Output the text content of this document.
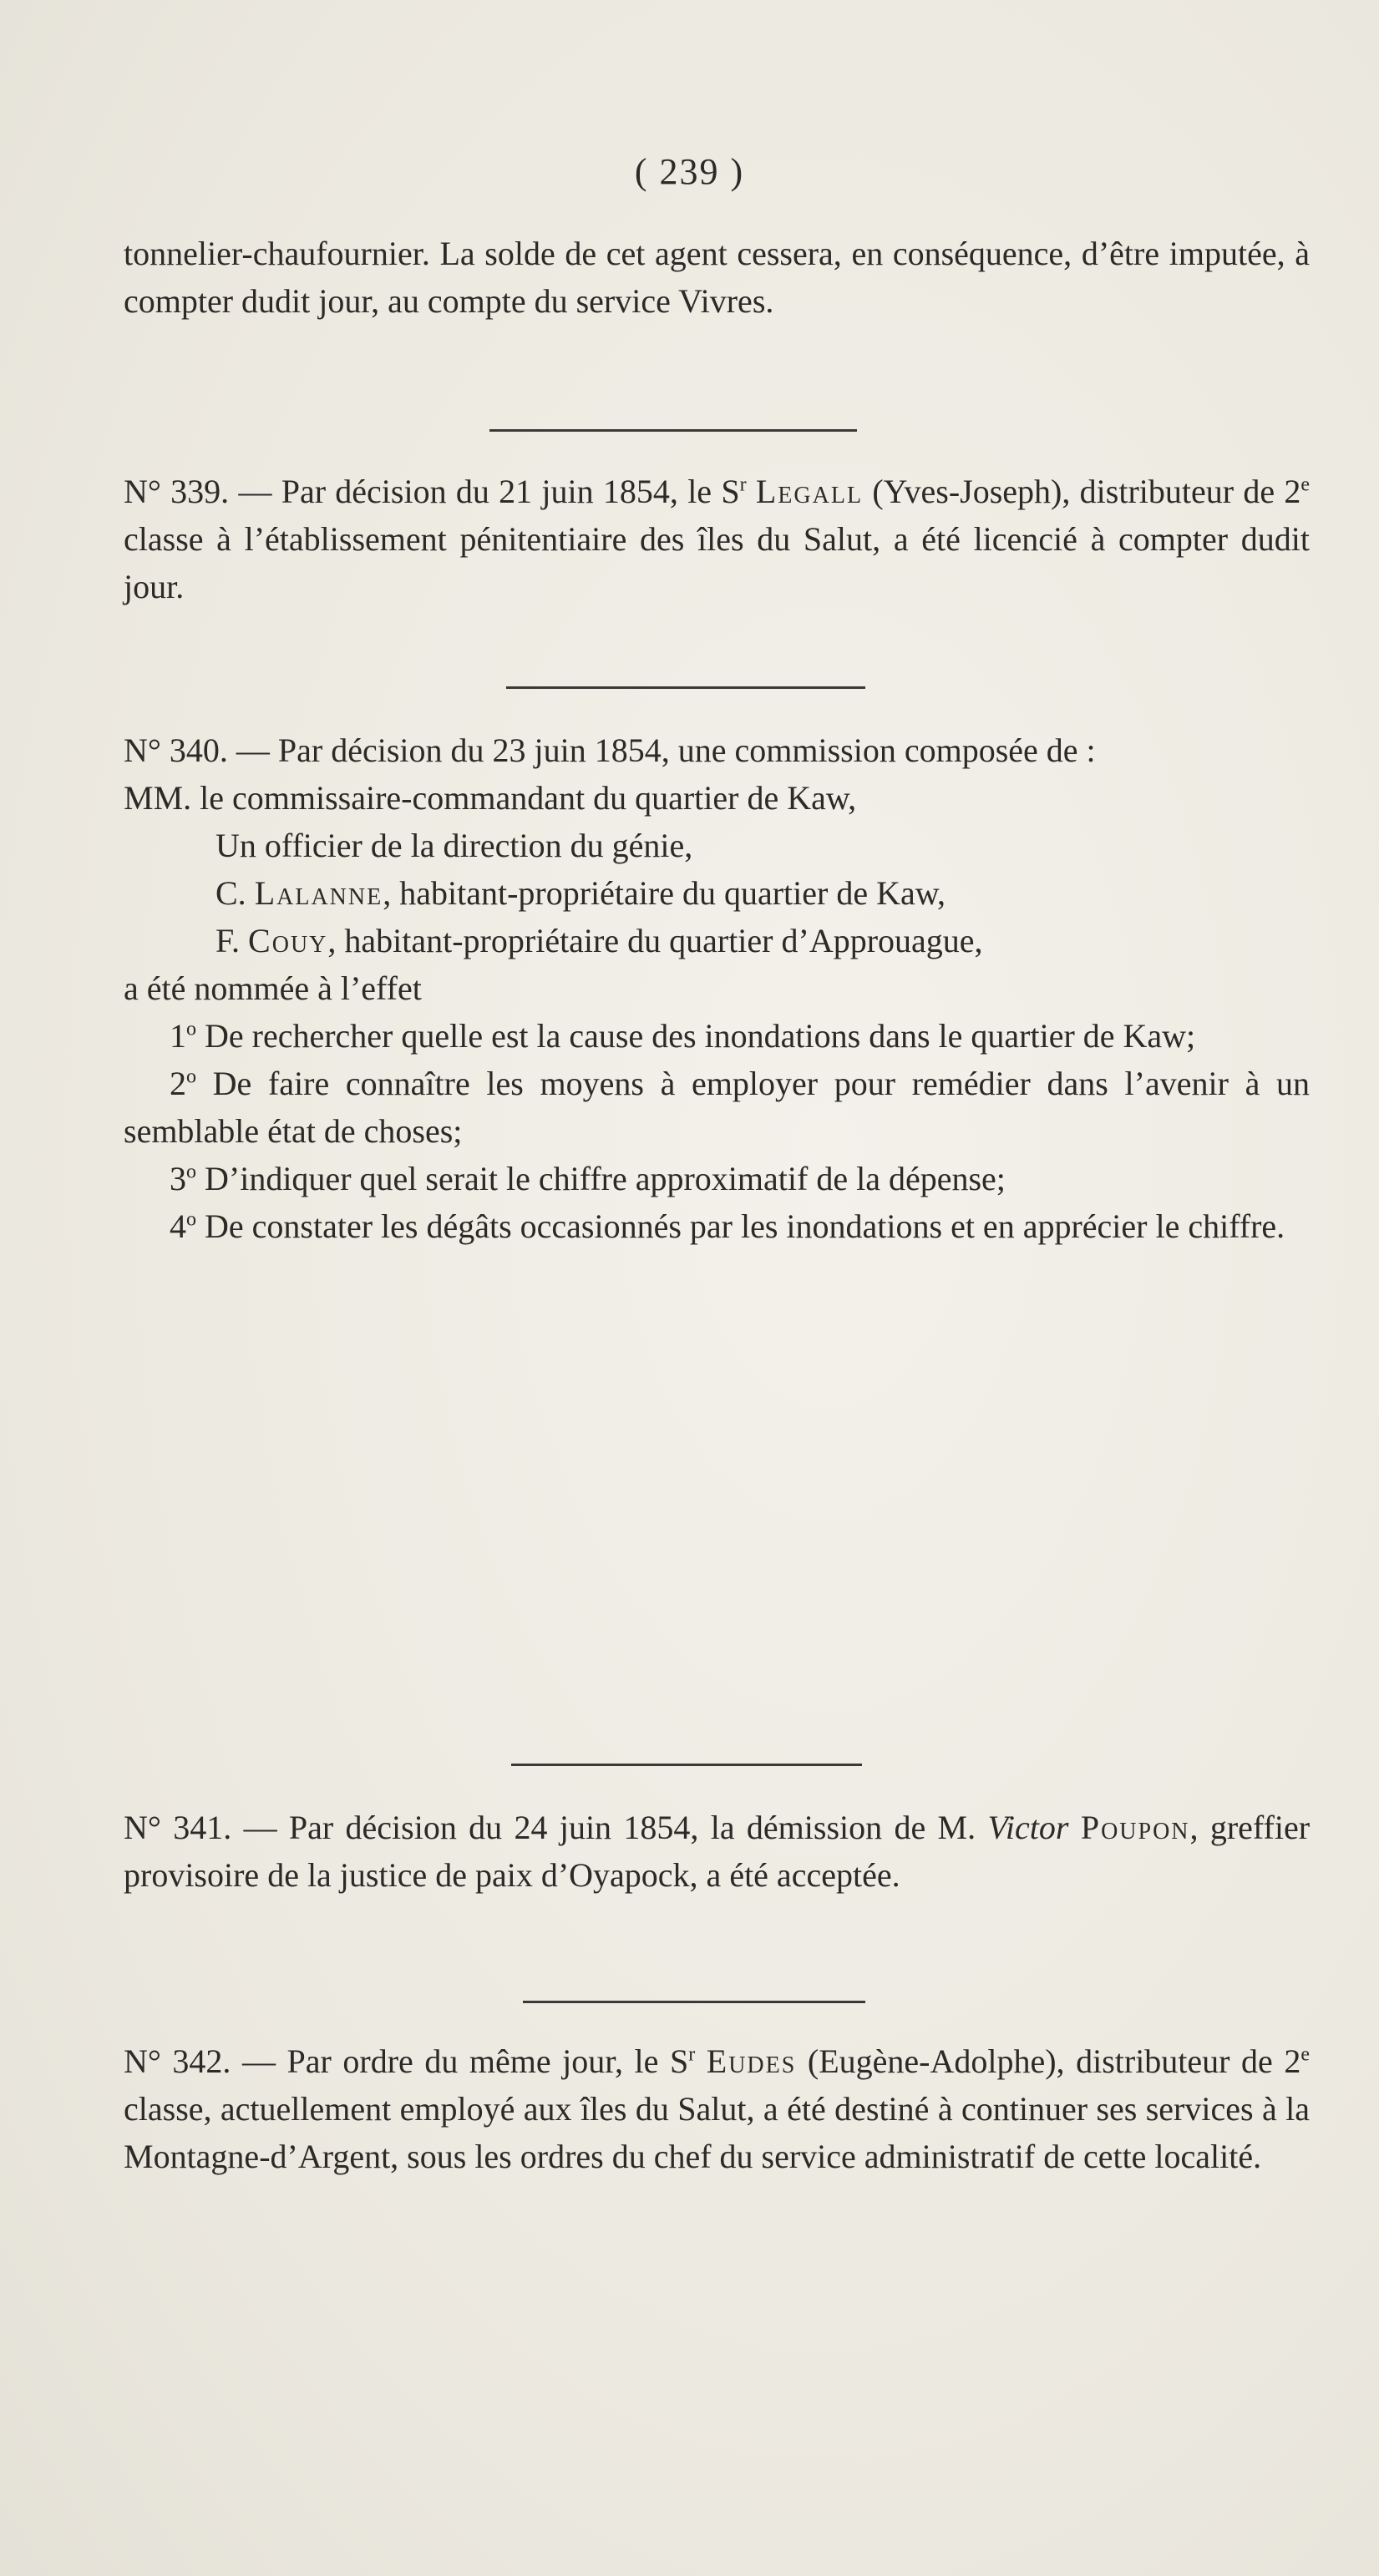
( 239 )

tonnelier-chaufournier. La solde de cet agent cessera, en conséquence, d’être imputée, à compter dudit jour, au compte du service Vivres.

N° 339. — Par décision du 21 juin 1854, le $S^r$ Legall (Yves-Joseph), distributeur de 2e classe à l’établissement pénitentiaire des îles du Salut, a été licencié à compter dudit jour.

N° 340. — Par décision du 23 juin 1854, une commission composée de :

MM. le commissaire-commandant du quartier de Kaw,

Un officier de la direction du génie,

C. Lalanne, habitant-propriétaire du quartier de Kaw,

F. Couy, habitant-propriétaire du quartier d’Approuague,

a été nommée à l’effet

1$^o$ De rechercher quelle est la cause des inondations dans le quartier de Kaw;

2$^o$ De faire connaître les moyens à employer pour remédier dans l’avenir à un semblable état de choses;

3$^o$ D’indiquer quel serait le chiffre approximatif de la dépense;

4$^o$ De constater les dégâts occasionnés par les inondations et en apprécier le chiffre.

N° 341. — Par décision du 24 juin 1854, la démission de M. Victor Poupon, greffier provisoire de la justice de paix d’Oyapock, a été acceptée.

N° 342. — Par ordre du même jour, le $S^r$ Eudes (Eugène-Adolphe), distributeur de 2e classe, actuellement employé aux îles du Salut, a été destiné à continuer ses services à la Montagne-d’Argent, sous les ordres du chef du service administratif de cette localité.
